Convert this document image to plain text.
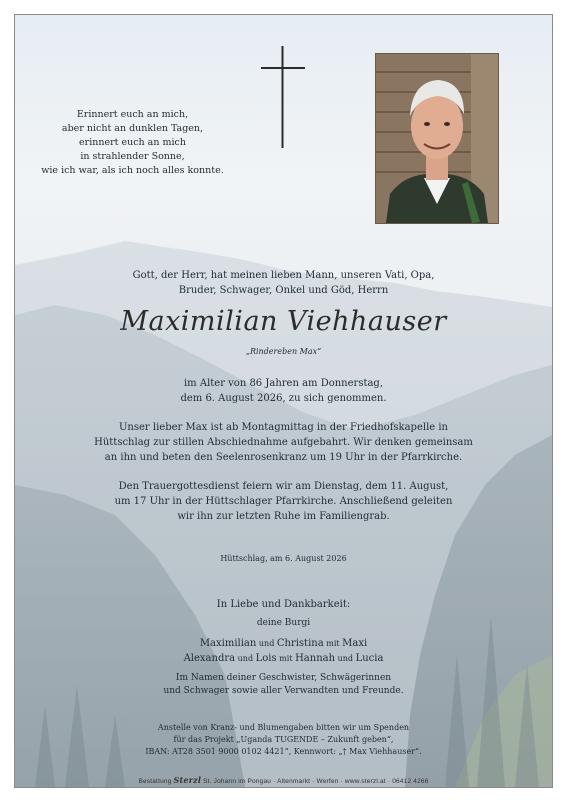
Erinnert euch an mich,
aber nicht an dunklen Tagen,
erinnert euch an mich
in strahlender Sonne,
wie ich war, als ich noch alles konnte.
Gott, der Herr, hat meinen lieben Mann, unseren Vati, Opa,
Bruder, Schwager, Onkel und Göd, Herrn
Maximilian Viehhauser
„Rindereben Max“
im Alter von 86 Jahren am Donnerstag,
dem 6. August 2026, zu sich genommen.
Unser lieber Max ist ab Montagmittag in der Friedhofskapelle in
Hüttschlag zur stillen Abschiednahme aufgebahrt. Wir denken gemeinsam
an ihn und beten den Seelenrosenkranz um 19 Uhr in der Pfarrkirche.
Den Trauergottesdienst feiern wir am Dienstag, dem 11. August,
um 17 Uhr in der Hüttschlager Pfarrkirche. Anschließend geleiten
wir ihn zur letzten Ruhe im Familiengrab.
Hüttschlag, am 6. August 2026
In Liebe und Dankbarkeit:
deine Burgi
Maximilian und Christina mit Maxi
Alexandra und Lois mit Hannah und Lucia
Im Namen deiner Geschwister, Schwägerinnen
und Schwager sowie aller Verwandten und Freunde.
Anstelle von Kranz- und Blumengaben bitten wir um Spenden
für das Projekt „Uganda TUGENDE – Zukunft geben“,
IBAN: AT28 3501 9000 0102 4421“, Kennwort: „† Max Viehhauser“.
Bestattung Sterzl St. Johann im Pongau · Altenmarkt · Werfen · www.sterzl.at · 06412 4266
